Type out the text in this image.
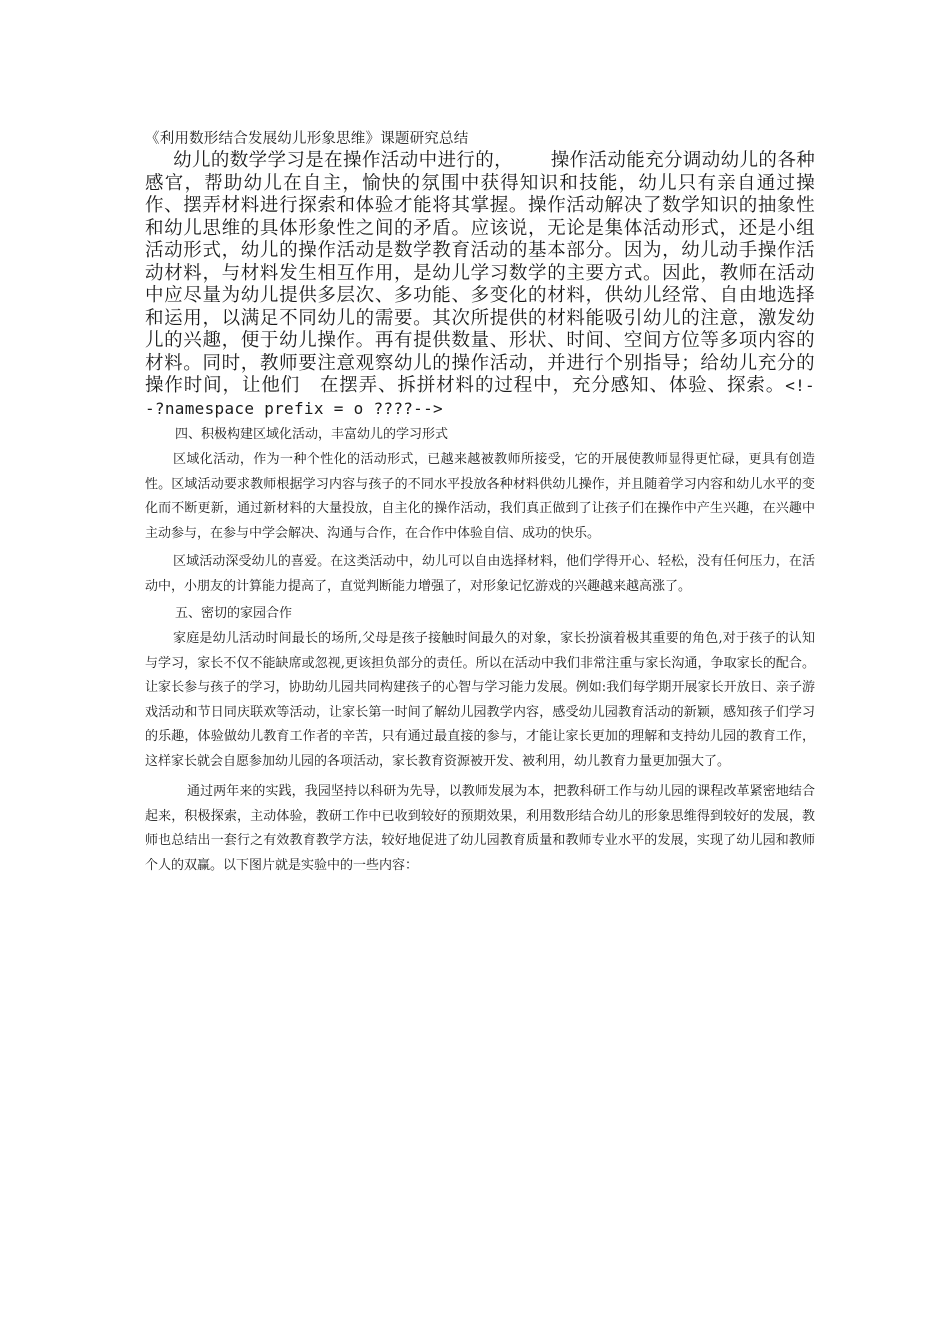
《利用数形结合发展幼儿形象思维》课题研究总结

幼儿的数学学习是在操作活动中进行的，   操作活动能充分调动幼儿的各种感官，帮助幼儿在自主，愉快的氛围中获得知识和技能，幼儿只有亲自通过操作、摆弄材料进行探索和体验才能将其掌握。操作活动解决了数学知识的抽象性和幼儿思维的具体形象性之间的矛盾。应该说，无论是集体活动形式，还是小组活动形式，幼儿的操作活动是数学教育活动的基本部分。因为，幼儿动手操作活动材料，与材料发生相互作用，是幼儿学习数学的主要方式。因此，教师在活动中应尽量为幼儿提供多层次、多功能、多变化的材料，供幼儿经常、自由地选择和运用，以满足不同幼儿的需要。其次所提供的材料能吸引幼儿的注意，激发幼儿的兴趣，便于幼儿操作。再有提供数量、形状、时间、空间方位等多项内容的材料。同时，教师要注意观察幼儿的操作活动，并进行个别指导；给幼儿充分的操作时间，让他们   在摆弄、拆拼材料的过程中，充分感知、体验、探索。<!--?namespace prefix = o ????-->

四、积极构建区域化活动，丰富幼儿的学习形式

区域化活动，作为一种个性化的活动形式，已越来越被教师所接受，它的开展使教师显得更忙碌，更具有创造性。区域活动要求教师根据学习内容与孩子的不同水平投放各种材料供幼儿操作，并且随着学习内容和幼儿水平的变化而不断更新，通过新材料的大量投放，自主化的操作活动，我们真正做到了让孩子们在操作中产生兴趣，在兴趣中主动参与，在参与中学会解决、沟通与合作，在合作中体验自信、成功的快乐。

区域活动深受幼儿的喜爱。在这类活动中，幼儿可以自由选择材料，他们学得开心、轻松，没有任何压力，在活动中，小朋友的计算能力提高了，直觉判断能力增强了，对形象记忆游戏的兴趣越来越高涨了。

五、密切的家园合作

家庭是幼儿活动时间最长的场所,父母是孩子接触时间最久的对象，家长扮演着极其重要的角色,对于孩子的认知与学习，家长不仅不能缺席或忽视,更该担负部分的责任。所以在活动中我们非常注重与家长沟通，争取家长的配合。让家长参与孩子的学习，协助幼儿园共同构建孩子的心智与学习能力发展。例如:我们每学期开展家长开放日、亲子游戏活动和节日同庆联欢等活动，让家长第一时间了解幼儿园教学内容，感受幼儿园教育活动的新颖，感知孩子们学习的乐趣，体验做幼儿教育工作者的辛苦，只有通过最直接的参与，才能让家长更加的理解和支持幼儿园的教育工作，这样家长就会自愿参加幼儿园的各项活动，家长教育资源被开发、被利用，幼儿教育力量更加强大了。

通过两年来的实践，我园坚持以科研为先导，以教师发展为本，把教科研工作与幼儿园的课程改革紧密地结合起来，积极探索，主动体验，教研工作中已收到较好的预期效果，利用数形结合幼儿的形象思维得到较好的发展，教师也总结出一套行之有效教育教学方法，较好地促进了幼儿园教育质量和教师专业水平的发展，实现了幼儿园和教师个人的双赢。以下图片就是实验中的一些内容：
